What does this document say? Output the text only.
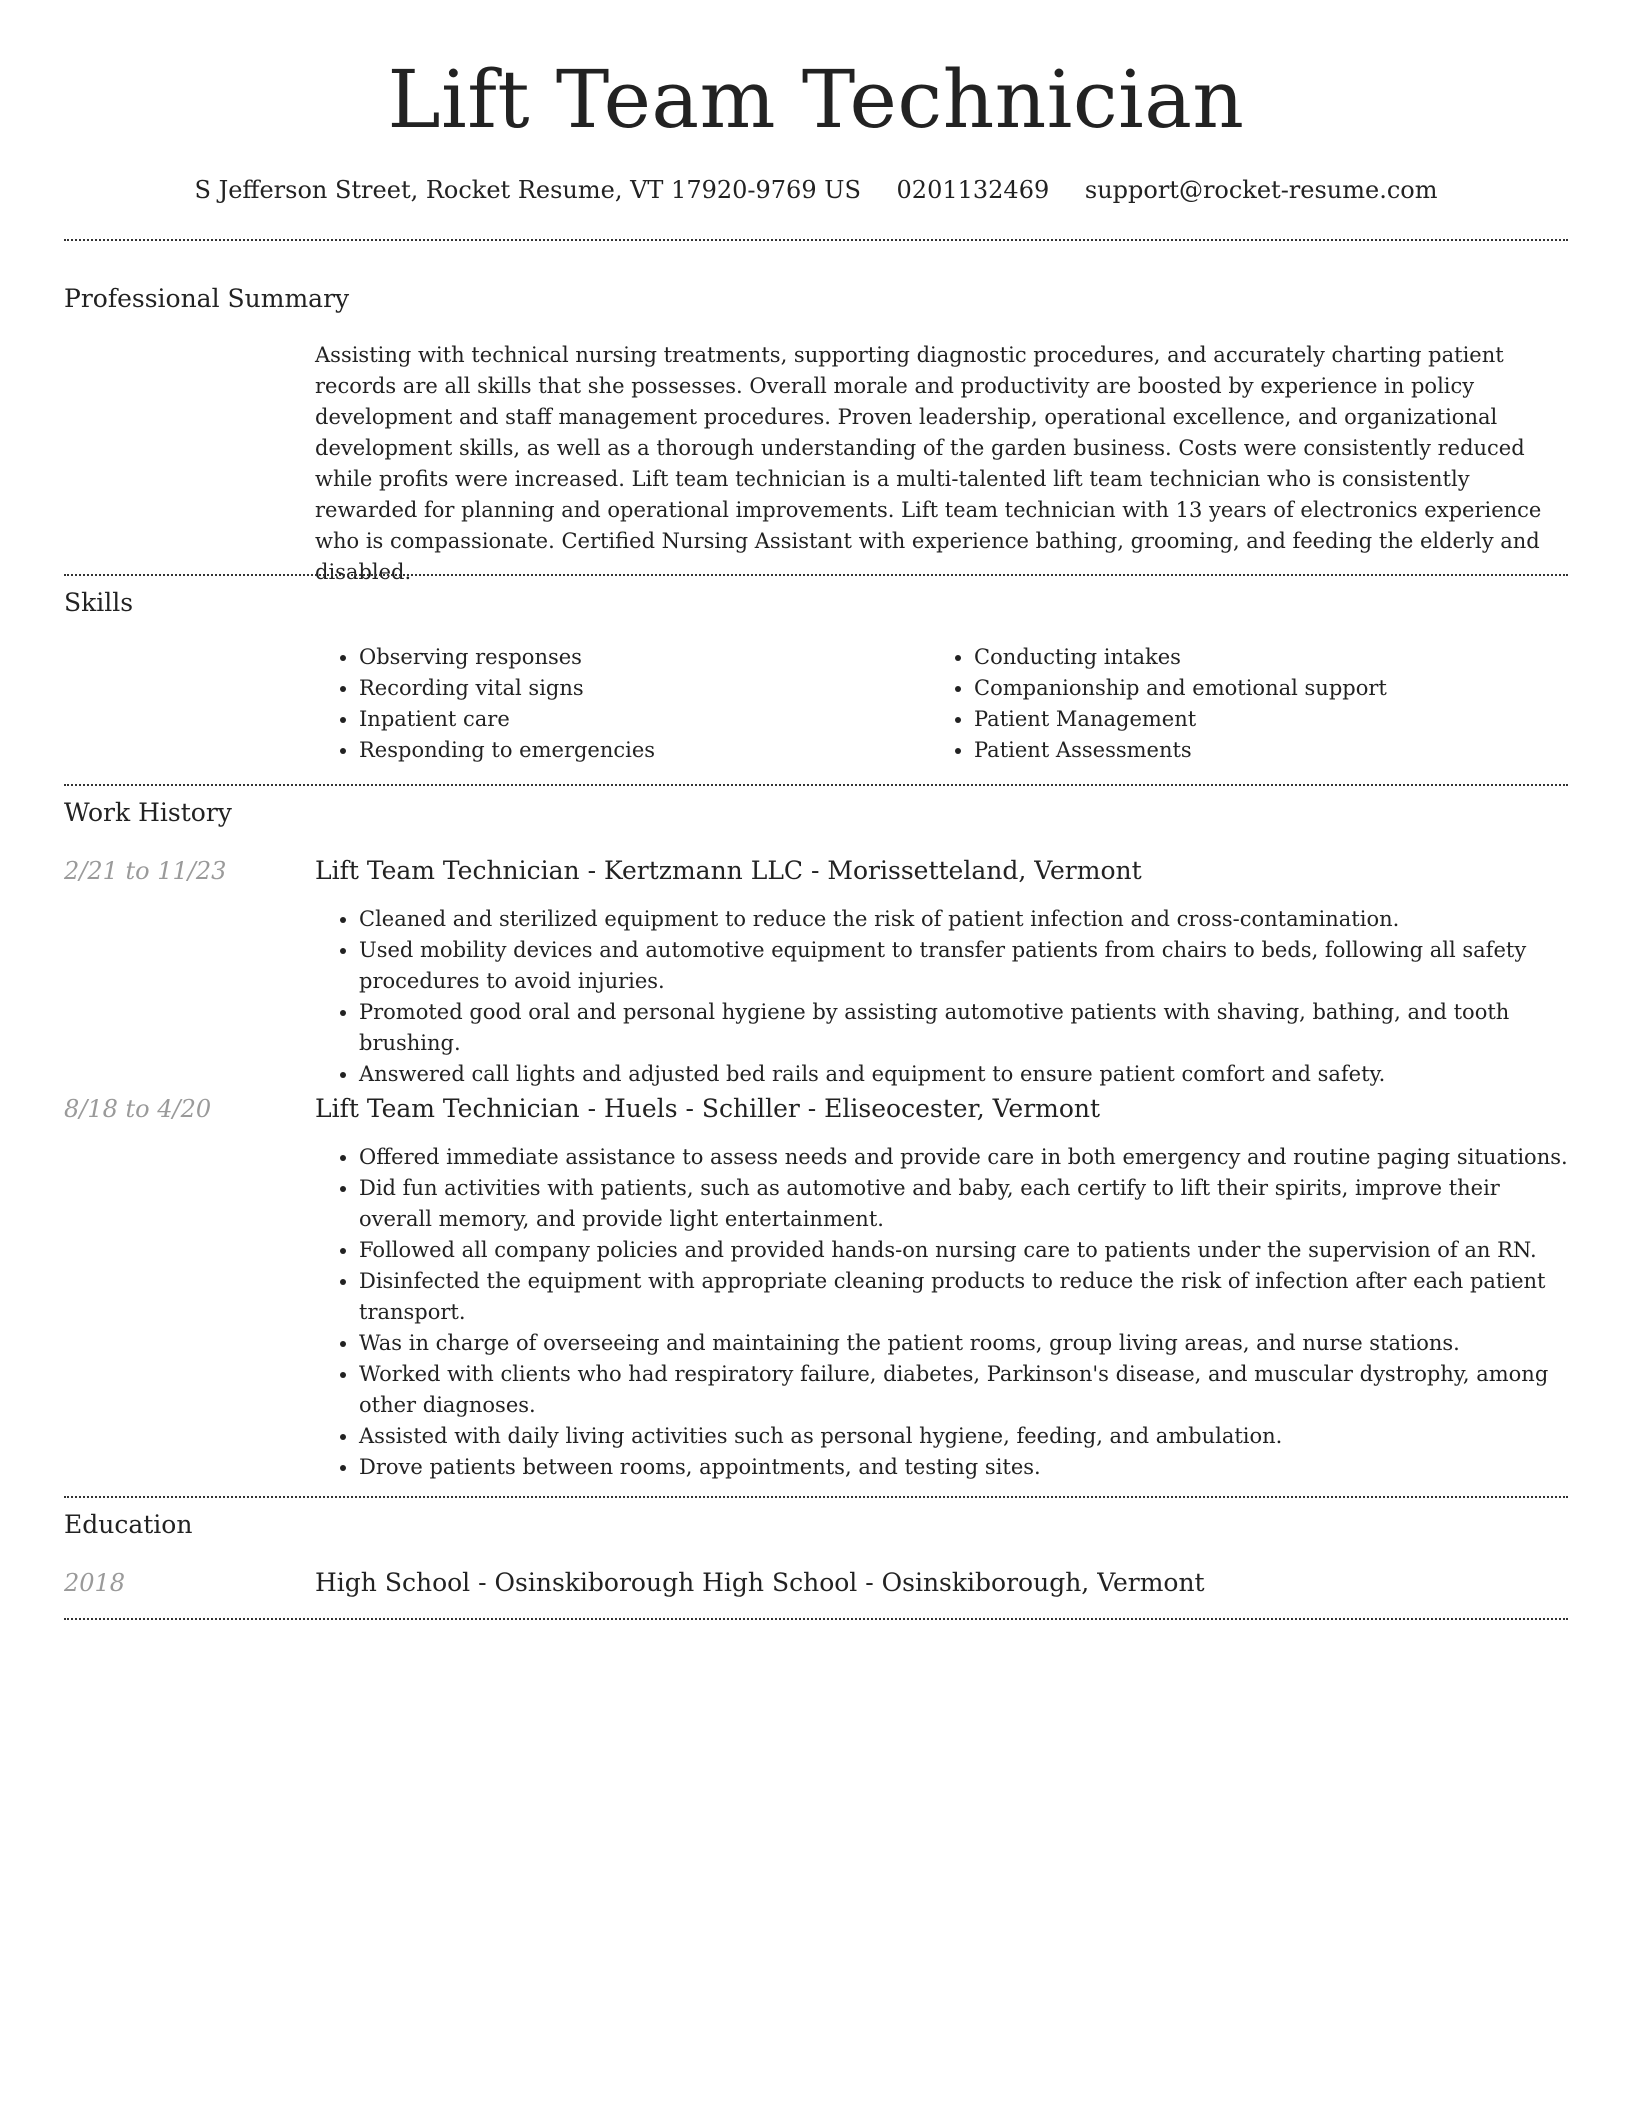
Lift Team Technician
S Jefferson Street, Rocket Resume, VT 17920-9769 US 0201132469 support@rocket-resume.com
Professional Summary

Assisting with technical nursing treatments, supporting diagnostic procedures, and accurately charting patient records are all skills that she possesses. Overall morale and productivity are boosted by experience in policy development and staff management procedures. Proven leadership, operational excellence, and organizational development skills, as well as a thorough understanding of the garden business. Costs were consistently reduced while profits were increased. Lift team technician is a multi-talented lift team technician who is consistently rewarded for planning and operational improvements. Lift team technician with 13 years of electronics experience who is compassionate. Certified Nursing Assistant with experience bathing, grooming, and feeding the elderly and disabled.

Skills
• Observing responses
• Recording vital signs
• Inpatient care
• Responding to emergencies
• Conducting intakes
• Companionship and emotional support
• Patient Management
• Patient Assessments
Work History
2/21 to 11/23	Lift Team Technician - Kertzmann LLC - Morissetteland, Vermont
• Cleaned and sterilized equipment to reduce the risk of patient infection and cross-contamination.
• Used mobility devices and automotive equipment to transfer patients from chairs to beds, following all safety procedures to avoid injuries.
• Promoted good oral and personal hygiene by assisting automotive patients with shaving, bathing, and tooth brushing.
• Answered call lights and adjusted bed rails and equipment to ensure patient comfort and safety.
8/18 to 4/20	Lift Team Technician - Huels - Schiller - Eliseocester, Vermont
• Offered immediate assistance to assess needs and provide care in both emergency and routine paging situations.
• Did fun activities with patients, such as automotive and baby, each certify to lift their spirits, improve their overall memory, and provide light entertainment.
• Followed all company policies and provided hands-on nursing care to patients under the supervision of an RN.
• Disinfected the equipment with appropriate cleaning products to reduce the risk of infection after each patient transport.
• Was in charge of overseeing and maintaining the patient rooms, group living areas, and nurse stations.
• Worked with clients who had respiratory failure, diabetes, Parkinson's disease, and muscular dystrophy, among other diagnoses.
• Assisted with daily living activities such as personal hygiene, feeding, and ambulation.
• Drove patients between rooms, appointments, and testing sites.
Education
2018	High School - Osinskiborough High School - Osinskiborough, Vermont
